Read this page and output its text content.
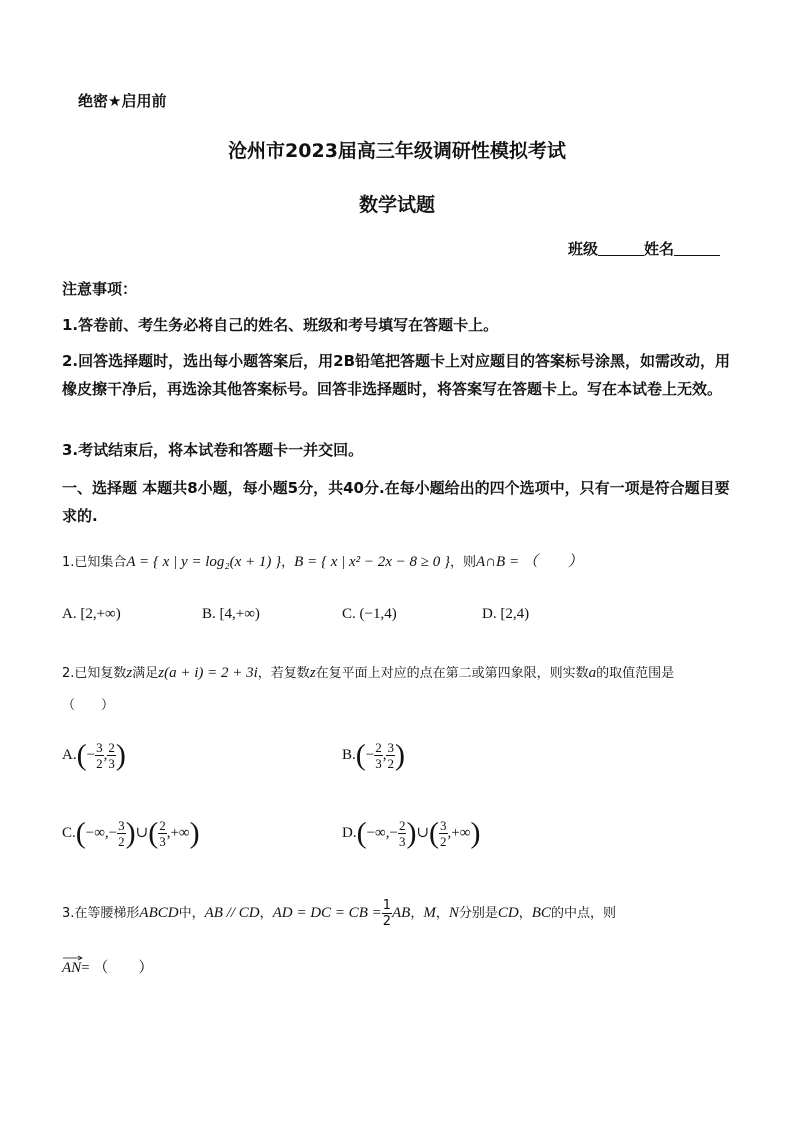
绝密★启用前
沧州市2023届高三年级调研性模拟考试
数学试题
班级	姓名
注意事项：
1.答卷前、考生务必将自己的姓名、班级和考号填写在答题卡上。
2.回答选择题时，选出每小题答案后，用2B铅笔把答题卡上对应题目的答案标号涂黑，如需改动，用橡皮擦干净后，再选涂其他答案标号。回答非选择题时，将答案写在答题卡上。写在本试卷上无效。
3.考试结束后，将本试卷和答题卡一并交回。
一、选择题 本题共8小题，每小题5分，共40分.在每小题给出的四个选项中，只有一项是符合题目要求的.
1.已知集合A = { x | y = log₂(x + 1) }，B = { x | x² − 2x − 8 ≥ 0 }，则A∩B = （　　）
A. [2,+∞)	B. [4,+∞)	C. (−1,4)	D. [2,4)
2.已知复数z满足z(a + i) = 2 + 3i，若复数z在复平面上对应的点在第二或第四象限，则实数a的取值范围是
（　　）
$A.(- \frac{3}{2}$ , $\frac{2}{3}$ )	$B.(- \frac{2}{3}$ , $\frac{3}{2}$ )
$C.(-\infty,- \frac{3}{2}$ )∪( $\frac{2}{3}$ ,+∞)	$D.(-\infty,- \frac{2}{3}$ )∪( $\frac{3}{2}$ ,+∞)
3.在等腰梯形ABCD中，AB // CD，AD = DC = CB = $\frac{1}{2}$ AB，M，N分别是CD，BC的中点，则
AN= （　　）
